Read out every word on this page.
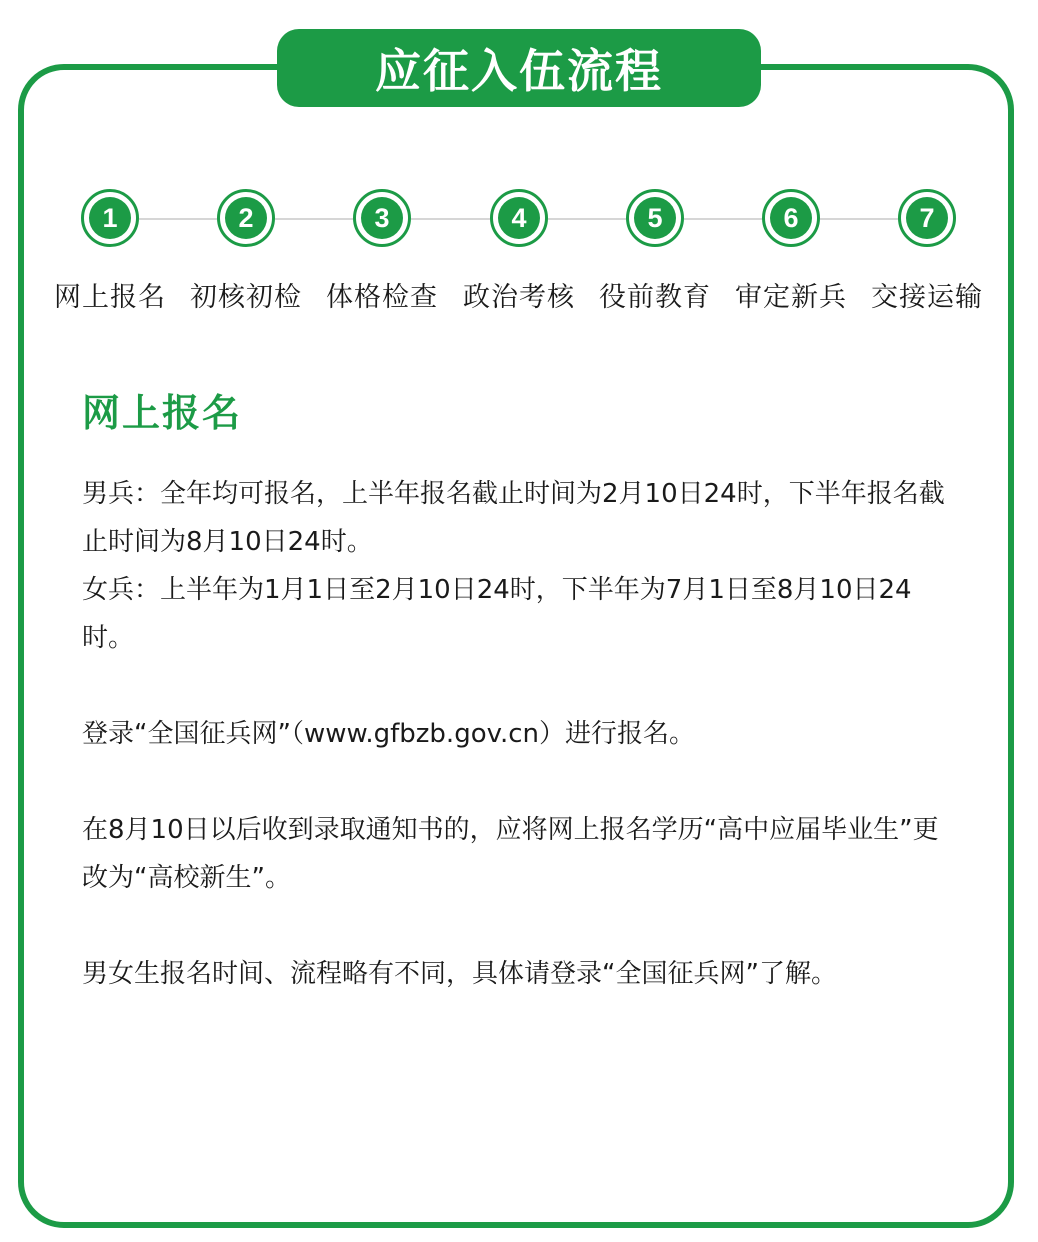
应征入伍流程
1
网上报名
2
初核初检
3
体格检查
4
政治考核
5
役前教育
6
审定新兵
7
交接运输
网上报名

男兵：全年均可报名，上半年报名截止时间为2月10日24时，下半年报名截止时间为8月10日24时。

女兵：上半年为1月1日至2月10日24时，下半年为7月1日至8月10日24时。

登录“全国征兵网”（www.gfbzb.gov.cn）进行报名。

在8月10日以后收到录取通知书的，应将网上报名学历“高中应届毕业生”更改为“高校新生”。

男女生报名时间、流程略有不同，具体请登录“全国征兵网”了解。
